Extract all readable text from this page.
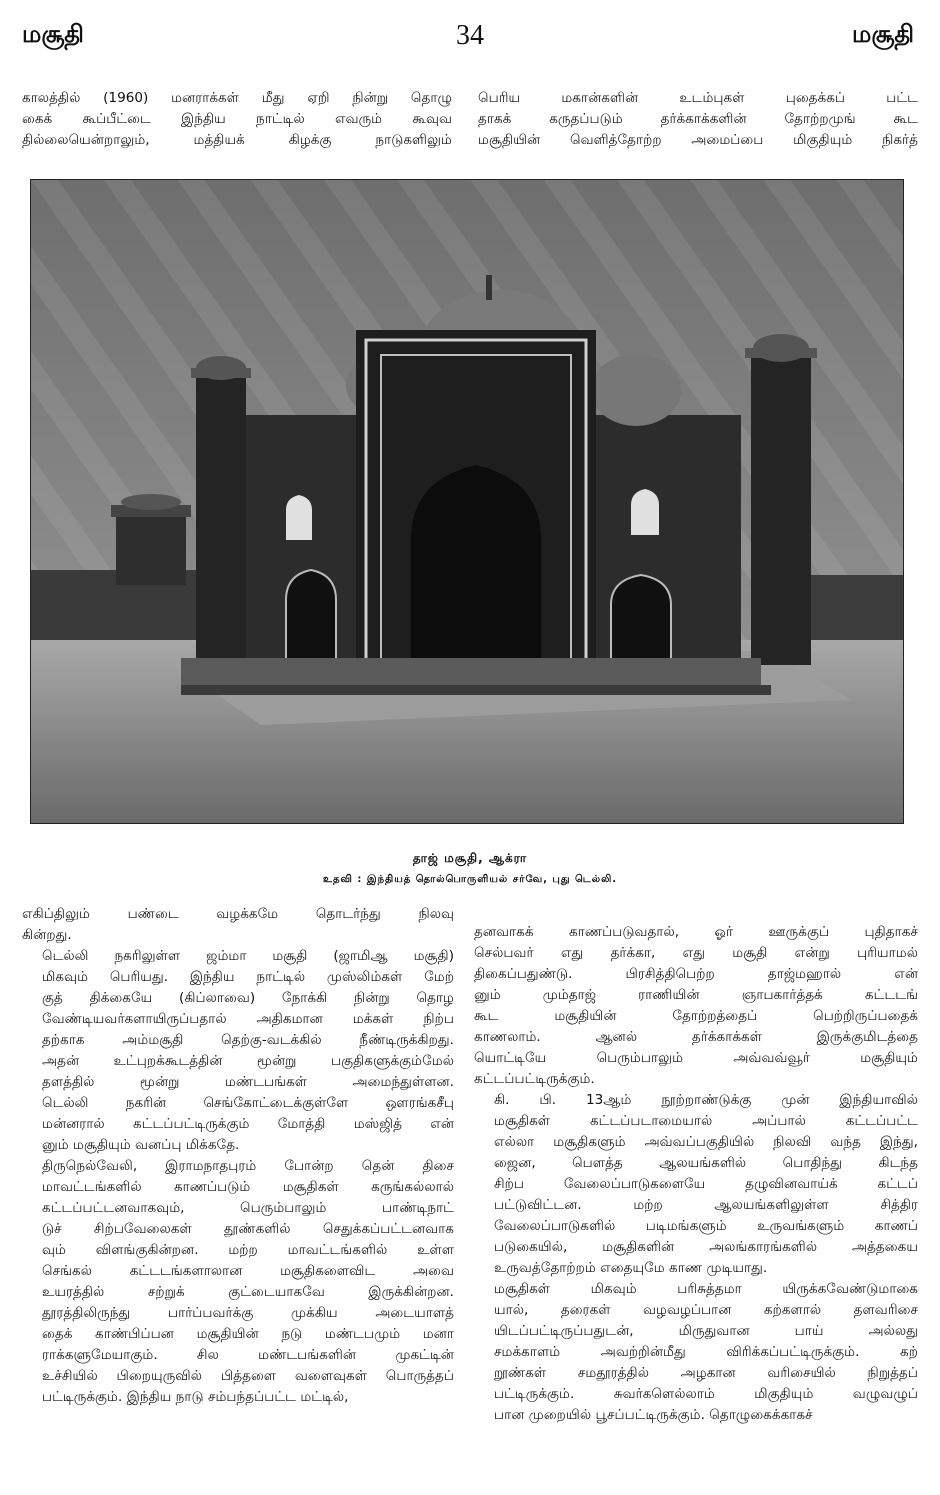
மசூதி	34	மசூதி

காலத்தில் (1960) மனராக்கள் மீது ஏறி நின்று தொழு
கைக் கூப்பீட்டை இந்திய நாட்டில் எவரும் கூவுவ
தில்லையென்றாலும், மத்தியக் கிழக்கு நாடுகளிலும்

பெரிய மகான்களின் உடம்புகள் புதைக்கப் பட்ட
தாகக் கருதப்படும் தர்க்காக்களின் தோற்றமுங் கூட
மசூதியின் வெளித்தோற்ற அமைப்பை மிகுதியும் நிகர்த்

தாஜ் மசூதி, ஆக்ரா
உதவி : இந்தியத் தொல்பொருளியல் சர்வே, புது டெல்லி.

எகிப்திலும் பண்டை வழக்கமே தொடர்ந்து நிலவு
கின்றது.

டெல்லி நகரிலுள்ள ஜம்மா மசூதி (ஜாமிஆ மசூதி)
மிகவும் பெரியது. இந்திய நாட்டில் முஸ்லிம்கள் மேற்
குத் திக்கையே (கிப்லாவை) நோக்கி நின்று தொழ
வேண்டியவர்களாயிருப்பதால் அதிகமான மக்கள் நிற்ப
தற்காக அம்மசூதி தெற்கு-வடக்கில் நீண்டிருக்கிறது.
அதன் உட்புறக்கூடத்தின் மூன்று பகுதிகளுக்கும்மேல்
தளத்தில் மூன்று மண்டபங்கள் அமைந்துள்ளன.
டெல்லி நகரின் செங்கோட்டைக்குள்ளே ஔரங்கசீபு
மன்னரால் கட்டப்பட்டிருக்கும் மோத்தி மஸ்ஜித் என்
னும் மசூதியும் வனப்பு மிக்கதே.

திருநெல்வேலி, இராமநாதபுரம் போன்ற தென் திசை
மாவட்டங்களில் காணப்படும் மசூதிகள் கருங்கல்லால்
கட்டப்பட்டனவாகவும், பெரும்பாலும் பாண்டிநாட்
டுச் சிற்பவேலைகள் தூண்களில் செதுக்கப்பட்டனவாக
வும் விளங்குகின்றன. மற்ற மாவட்டங்களில் உள்ள
செங்கல் கட்டடங்களாலான மசூதிகளைவிட அவை
உயரத்தில் சற்றுக் குட்டையாகவே இருக்கின்றன.
தூரத்திலிருந்து பார்ப்பவர்க்கு முக்கிய அடையாளத்
தைக் காண்பிப்பன மசூதியின் நடு மண்டபமும் மனா
ராக்களுமேயாகும். சில மண்டபங்களின் முகட்டின்
உச்சியில் பிறையுருவில் பித்தளை வளைவுகள் பொருத்தப்
பட்டிருக்கும். இந்திய நாடு சம்பந்தப்பட்ட மட்டில்,

தனவாகக் காணப்படுவதால், ஓர் ஊருக்குப் புதிதாகச்
செல்பவர் எது தர்க்கா, எது மசூதி என்று புரியாமல்
திகைப்பதுண்டு. பிரசித்திபெற்ற தாஜ்மஹால் என்
னும் மும்தாஜ் ராணியின் ஞாபகார்த்தக் கட்டடங்
கூட மசூதியின் தோற்றத்தைப் பெற்றிருப்பதைக்
காணலாம். ஆனல் தர்க்காக்கள் இருக்குமிடத்தை
யொட்டியே பெரும்பாலும் அவ்வவ்வூர் மசூதியும்
கட்டப்பட்டிருக்கும்.

கி. பி. 13ஆம் நூற்றாண்டுக்கு முன் இந்தியாவில்
மசூதிகள் கட்டப்படாமையால் அப்பால் கட்டப்பட்ட
எல்லா மசூதிகளும் அவ்வப்பகுதியில் நிலவி வந்த இந்து,
ஜைன, பௌத்த ஆலயங்களில் பொதிந்து கிடந்த
சிற்ப வேலைப்பாடுகளையே தழுவினவாய்க் கட்டப்
பட்டுவிட்டன. மற்ற ஆலயங்களிலுள்ள சித்திர
வேலைப்பாடுகளில் படிமங்களும் உருவங்களும் காணப்
படுகையில், மசூதிகளின் அலங்காரங்களில் அத்தகைய
உருவத்தோற்றம் எதையுமே காண முடியாது.

மசூதிகள் மிகவும் பரிசுத்தமா யிருக்கவேண்டுமாகை
யால், தரைகள் வழவழப்பான கற்களால் தளவரிசை
யிடப்பட்டிருப்பதுடன், மிருதுவான பாய் அல்லது
சமக்காளம் அவற்றின்மீது விரிக்கப்பட்டிருக்கும். கற்
றூண்கள் சமதூரத்தில் அழகான வரிசையில் நிறுத்தப்
பட்டிருக்கும். சுவர்களெல்லாம் மிகுதியும் வழுவழுப்
பான முறையில் பூசப்பட்டிருக்கும். தொழுகைக்காகச்
